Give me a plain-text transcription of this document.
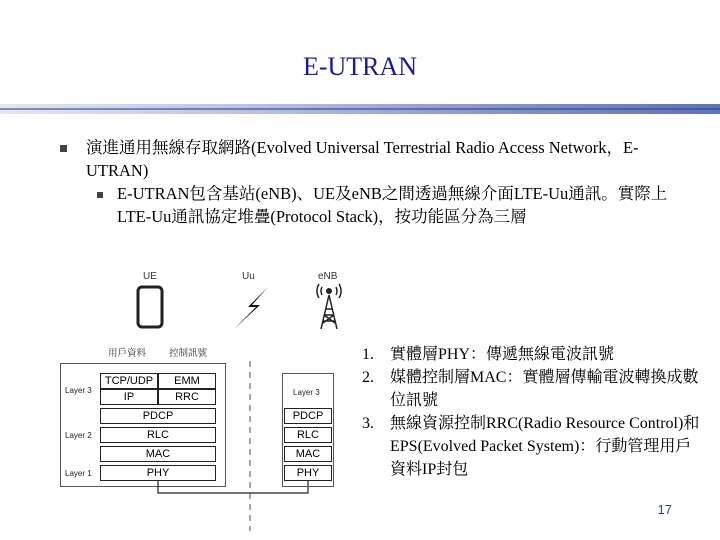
E-UTRAN
演進通用無線存取網路(Evolved Universal Terrestrial Radio Access Network，E-UTRAN)
E-UTRAN包含基站(eNB)、UE及eNB之間透過無線介面LTE-Uu通訊。實際上LTE-Uu通訊協定堆疊(Protocol Stack)，按功能區分為三層
UE	Uu	eNB
用戶資料 控制訊號
Layer 3
Layer 2
Layer 1
TCP/UDP	EMM
IP	RRC
PDCP
RLC
MAC
PHY
Layer 3
PDCP
RLC
MAC
PHY
1. 實體層PHY：傳遞無線電波訊號
2. 媒體控制層MAC：實體層傳輸電波轉換成數位訊號
3. 無線資源控制RRC(Radio Resource Control)和EPS(Evolved Packet System)：行動管理用戶資料IP封包
17
